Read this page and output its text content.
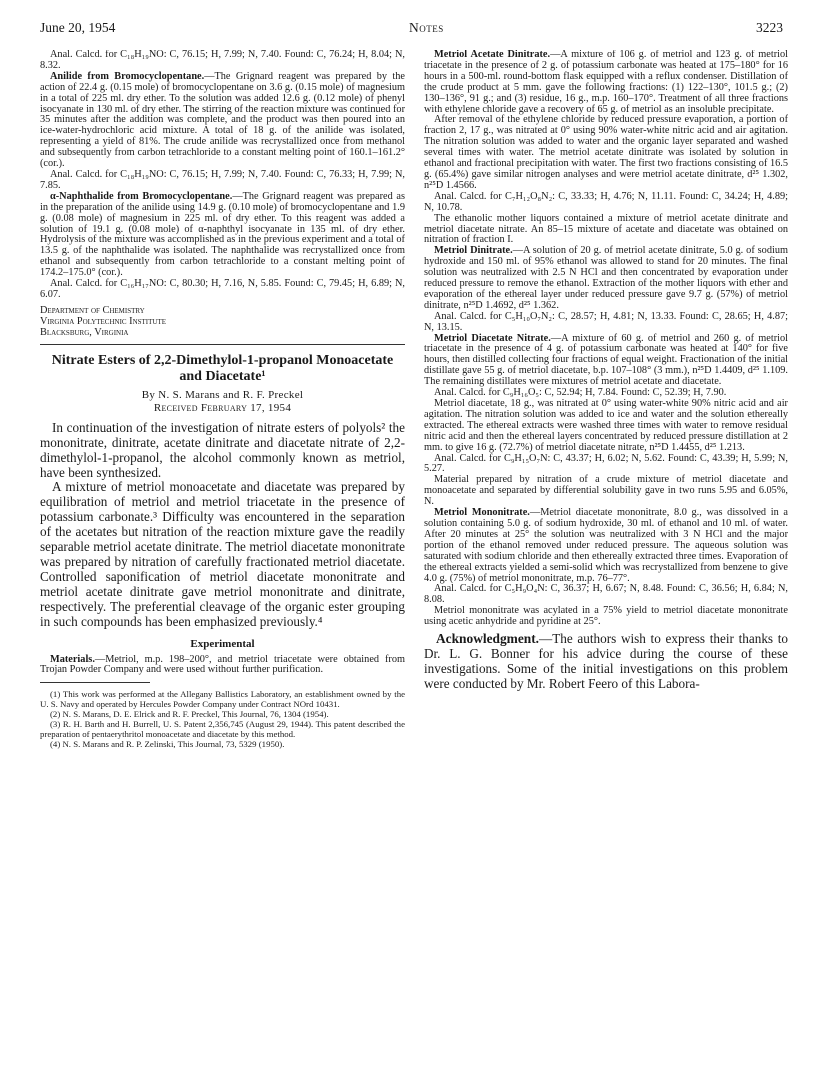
June 20, 1954	Notes	3223

Anal. Calcd. for C₁₈H₁₉NO: C, 76.15; H, 7.99; N, 7.40. Found: C, 76.24; H, 8.04; N, 8.32.

Anilide from Bromocyclopentane.—The Grignard reagent was prepared by the action of 22.4 g. (0.15 mole) of bromocyclopentane on 3.6 g. (0.15 mole) of magnesium in a total of 225 ml. dry ether. To the solution was added 12.6 g. (0.12 mole) of phenyl isocyanate in 130 ml. of dry ether. The stirring of the reaction mixture was continued for 35 minutes after the addition was complete, and the product was then poured into an ice-water-hydrochloric acid mixture. A total of 18 g. of the anilide was isolated, representing a yield of 81%. The crude anilide was recrystallized once from methanol and subsequently from carbon tetrachloride to a constant melting point of 160.1–161.2° (cor.).

Anal. Calcd. for C₁₈H₁₉NO: C, 76.15; H, 7.99; N, 7.40. Found: C, 76.33; H, 7.99; N, 7.85.

α-Naphthalide from Bromocyclopentane.—The Grignard reagent was prepared as in the preparation of the anilide using 14.9 g. (0.10 mole) of bromocyclopentane and 1.9 g. (0.08 mole) of magnesium in 225 ml. of dry ether. To this reagent was added a solution of 19.1 g. (0.08 mole) of α-naphthyl isocyanate in 135 ml. of dry ether. Hydrolysis of the mixture was accomplished as in the previous experiment and a total of 13.5 g. of the naphthalide was isolated. The naphthalide was recrystallized once from ethanol and subsequently from carbon tetrachloride to a constant melting point of 174.2–175.0° (cor.).

Anal. Calcd. for C₁₆H₁₇NO: C, 80.30; H, 7.16, N, 5.85. Found: C, 79.45; H, 6.89; N, 6.07.

Department of Chemistry
Virginia Polytechnic Institute
Blacksburg, Virginia
Nitrate Esters of 2,2-Dimethylol-1-propanol Monoacetate and Diacetate¹
By N. S. Marans and R. F. Preckel
Received February 17, 1954

In continuation of the investigation of nitrate esters of polyols² the mononitrate, dinitrate, acetate dinitrate and diacetate nitrate of 2,2-dimethylol-1-propanol, the alcohol commonly known as metriol, have been synthesized.

A mixture of metriol monoacetate and diacetate was prepared by equilibration of metriol and metriol triacetate in the presence of potassium carbonate.³ Difficulty was encountered in the separation of the acetates but nitration of the reaction mixture gave the readily separable metriol acetate dinitrate. The metriol diacetate mononitrate was prepared by nitration of carefully fractionated metriol diacetate. Controlled saponification of metriol diacetate mononitrate and metriol acetate dinitrate gave metriol mononitrate and dinitrate, respectively. The preferential cleavage of the organic ester grouping in such compounds has been emphasized previously.⁴

Experimental

Materials.—Metriol, m.p. 198–200°, and metriol triacetate were obtained from Trojan Powder Company and were used without further purification.

(1) This work was performed at the Allegany Ballistics Laboratory, an establishment owned by the U. S. Navy and operated by Hercules Powder Company under Contract NOrd 10431.

(2) N. S. Marans, D. E. Elrick and R. F. Preckel, This Journal, 76, 1304 (1954).

(3) R. H. Barth and H. Burrell, U. S. Patent 2,356,745 (August 29, 1944). This patent described the preparation of pentaerythritol monoacetate and diacetate by this method.

(4) N. S. Marans and R. P. Zelinski, This Journal, 73, 5329 (1950).

Metriol Acetate Dinitrate.—A mixture of 106 g. of metriol and 123 g. of metriol triacetate in the presence of 2 g. of potassium carbonate was heated at 175–180° for 16 hours in a 500-ml. round-bottom flask equipped with a reflux condenser. Distillation of the crude product at 5 mm. gave the following fractions: (1) 122–130°, 101.5 g.; (2) 130–136°, 91 g.; and (3) residue, 16 g., m.p. 160–170°. Treatment of all three fractions with ethylene chloride gave a recovery of 65 g. of metriol as an insoluble precipitate.

After removal of the ethylene chloride by reduced pressure evaporation, a portion of fraction 2, 17 g., was nitrated at 0° using 90% water-white nitric acid and air agitation. The nitration solution was added to water and the organic layer separated and washed several times with water. The metriol acetate dinitrate was isolated by solution in ethanol and fractional precipitation with water. The first two fractions consisting of 16.5 g. (65.4%) gave similar nitrogen analyses and were metriol acetate dinitrate, d²⁵ 1.302, n²⁵D 1.4566.

Anal. Calcd. for C₇H₁₂O₈N₂: C, 33.33; H, 4.76; N, 11.11. Found: C, 34.24; H, 4.89; N, 10.78.

The ethanolic mother liquors contained a mixture of metriol acetate dinitrate and metriol diacetate nitrate. An 85–15 mixture of acetate and diacetate was obtained on nitration of fraction I.

Metriol Dinitrate.—A solution of 20 g. of metriol acetate dinitrate, 5.0 g. of sodium hydroxide and 150 ml. of 95% ethanol was allowed to stand for 20 minutes. The final solution was neutralized with 2.5 N HCl and then concentrated by evaporation under reduced pressure to remove the ethanol. Extraction of the mother liquors with ether and evaporation of the ethereal layer under reduced pressure gave 9.7 g. (57%) of metriol dinitrate, n²⁵D 1.4692, d²⁵ 1.362.

Anal. Calcd. for C₅H₁₀O₇N₂: C, 28.57; H, 4.81; N, 13.33. Found: C, 28.65; H, 4.87; N, 13.15.

Metriol Diacetate Nitrate.—A mixture of 60 g. of metriol and 260 g. of metriol triacetate in the presence of 4 g. of potassium carbonate was heated at 140° for five hours, then distilled collecting four fractions of equal weight. Fractionation of the initial distillate gave 55 g. of metriol diacetate, b.p. 107–108° (3 mm.), n²⁵D 1.4409, d²⁵ 1.109. The remaining distillates were mixtures of metriol acetate and diacetate.

Anal. Calcd. for C₉H₁₆O₅: C, 52.94; H, 7.84. Found: C, 52.39; H, 7.90.

Metriol diacetate, 18 g., was nitrated at 0° using water-white 90% nitric acid and air agitation. The nitration solution was added to ice and water and the solution ethereally extracted. The ethereal extracts were washed three times with water to remove residual nitric acid and then the ethereal layers concentrated by reduced pressure distillation at 2 mm. to give 16 g. (72.7%) of metriol diacetate nitrate, n²⁵D 1.4455, d²⁵ 1.213.

Anal. Calcd. for C₉H₁₅O₇N: C, 43.37; H, 6.02; N, 5.62. Found: C, 43.39; H, 5.99; N, 5.27.

Material prepared by nitration of a crude mixture of metriol diacetate and monoacetate and separated by differential solubility gave in two runs 5.95 and 6.05%, N.

Metriol Mononitrate.—Metriol diacetate mononitrate, 8.0 g., was dissolved in a solution containing 5.0 g. of sodium hydroxide, 30 ml. of ethanol and 10 ml. of water. After 20 minutes at 25° the solution was neutralized with 3 N HCl and the major portion of the ethanol removed under reduced pressure. The aqueous solution was saturated with sodium chloride and then ethereally extracted three times. Evaporation of the ethereal extracts yielded a semi-solid which was recrystallized from benzene to give 4.0 g. (75%) of metriol mononitrate, m.p. 76–77°.

Anal. Calcd. for C₅H₉O₄N: C, 36.37; H, 6.67; N, 8.48. Found: C, 36.56; H, 6.84; N, 8.08.

Metriol mononitrate was acylated in a 75% yield to metriol diacetate mononitrate using acetic anhydride and pyridine at 25°.

Acknowledgment.—The authors wish to express their thanks to Dr. L. G. Bonner for his advice during the course of these investigations. Some of the initial investigations on this problem were conducted by Mr. Robert Feero of this Labora-
